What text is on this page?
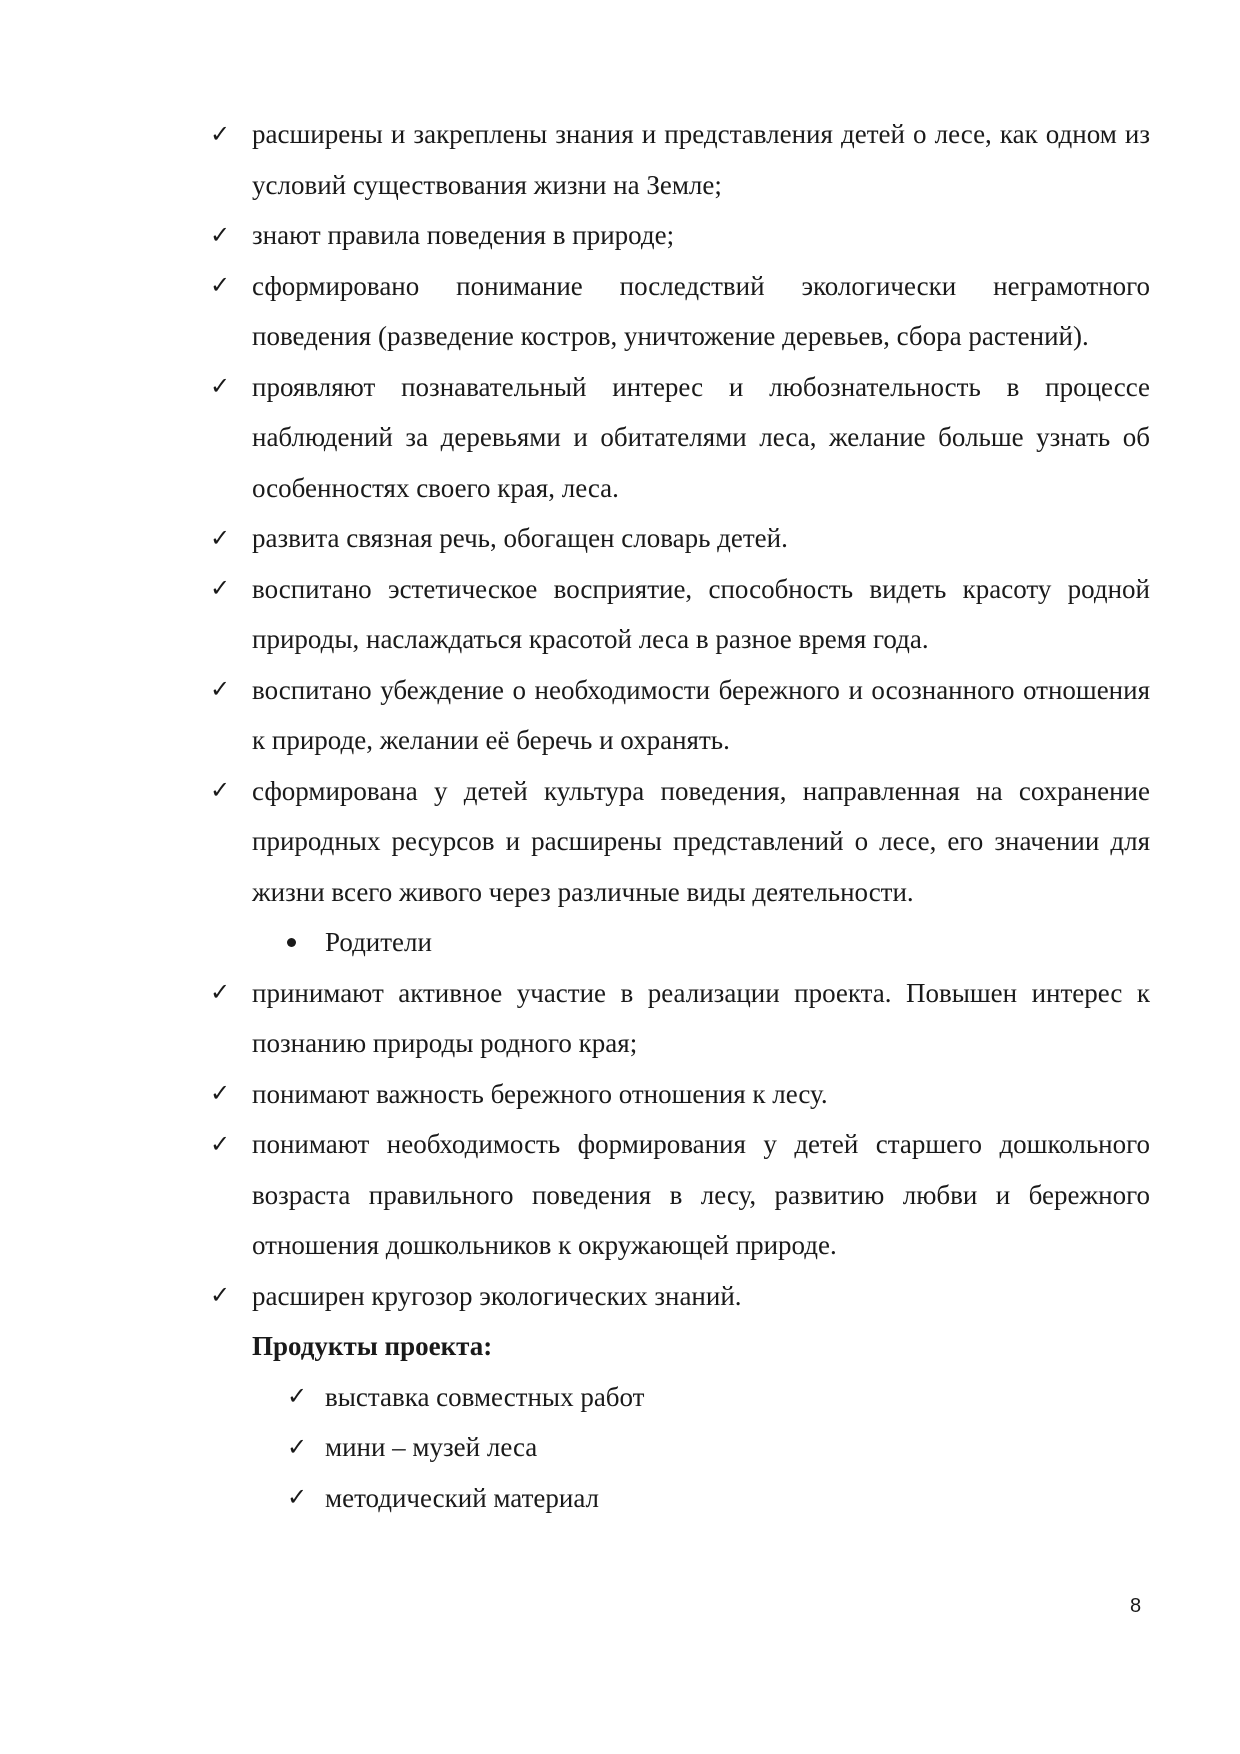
✓ расширены и закреплены знания и представления детей о лесе, как одном из условий существования жизни на Земле;

✓ знают правила поведения в природе;

✓ сформировано понимание последствий экологически неграмотного поведения (разведение костров, уничтожение деревьев, сбора растений).

✓ проявляют познавательный интерес и любознательность в процессе наблюдений за деревьями и обитателями леса, желание больше узнать об особенностях своего края, леса.

✓ развита связная речь, обогащен словарь детей.

✓ воспитано эстетическое восприятие, способность видеть красоту родной природы, наслаждаться красотой леса в разное время года.

✓ воспитано убеждение о необходимости бережного и осознанного отношения к природе, желании её беречь и охранять.

✓ сформирована у детей культура поведения, направленная на сохранение природных ресурсов и расширены представлений о лесе, его значении для жизни всего живого через различные виды деятельности.

Родители

✓ принимают активное участие в реализации проекта. Повышен интерес к познанию природы родного края;

✓ понимают важность бережного отношения к лесу.

✓ понимают необходимость формирования у детей старшего дошкольного возраста правильного поведения в лесу, развитию любви и бережного отношения дошкольников к окружающей природе.

✓ расширен кругозор экологических знаний.

Продукты проекта:

✓ выставка совместных работ

✓ мини – музей леса

✓ методический материал

8
